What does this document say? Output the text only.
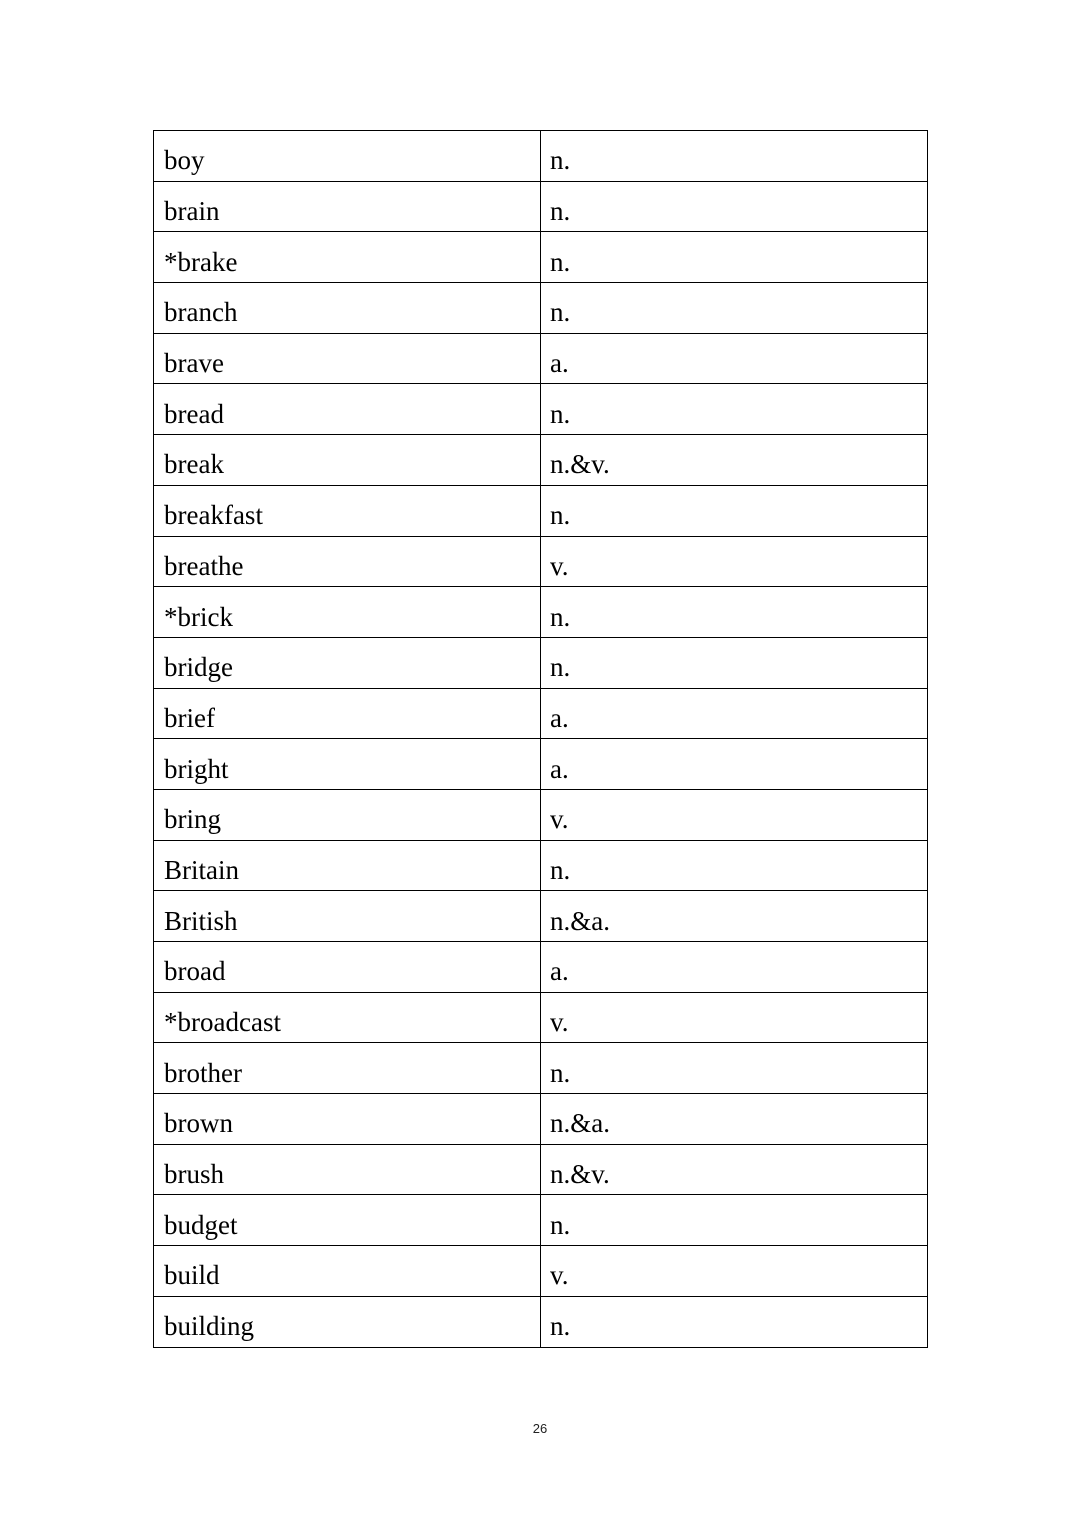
boy	n.
brain	n.
*brake	n.
branch	n.
brave	a.
bread	n.
break	n.&v.
breakfast	n.
breathe	v.
*brick	n.
bridge	n.
brief	a.
bright	a.
bring	v.
Britain	n.
British	n.&a.
broad	a.
*broadcast	v.
brother	n.
brown	n.&a.
brush	n.&v.
budget	n.
build	v.
building	n.
26
